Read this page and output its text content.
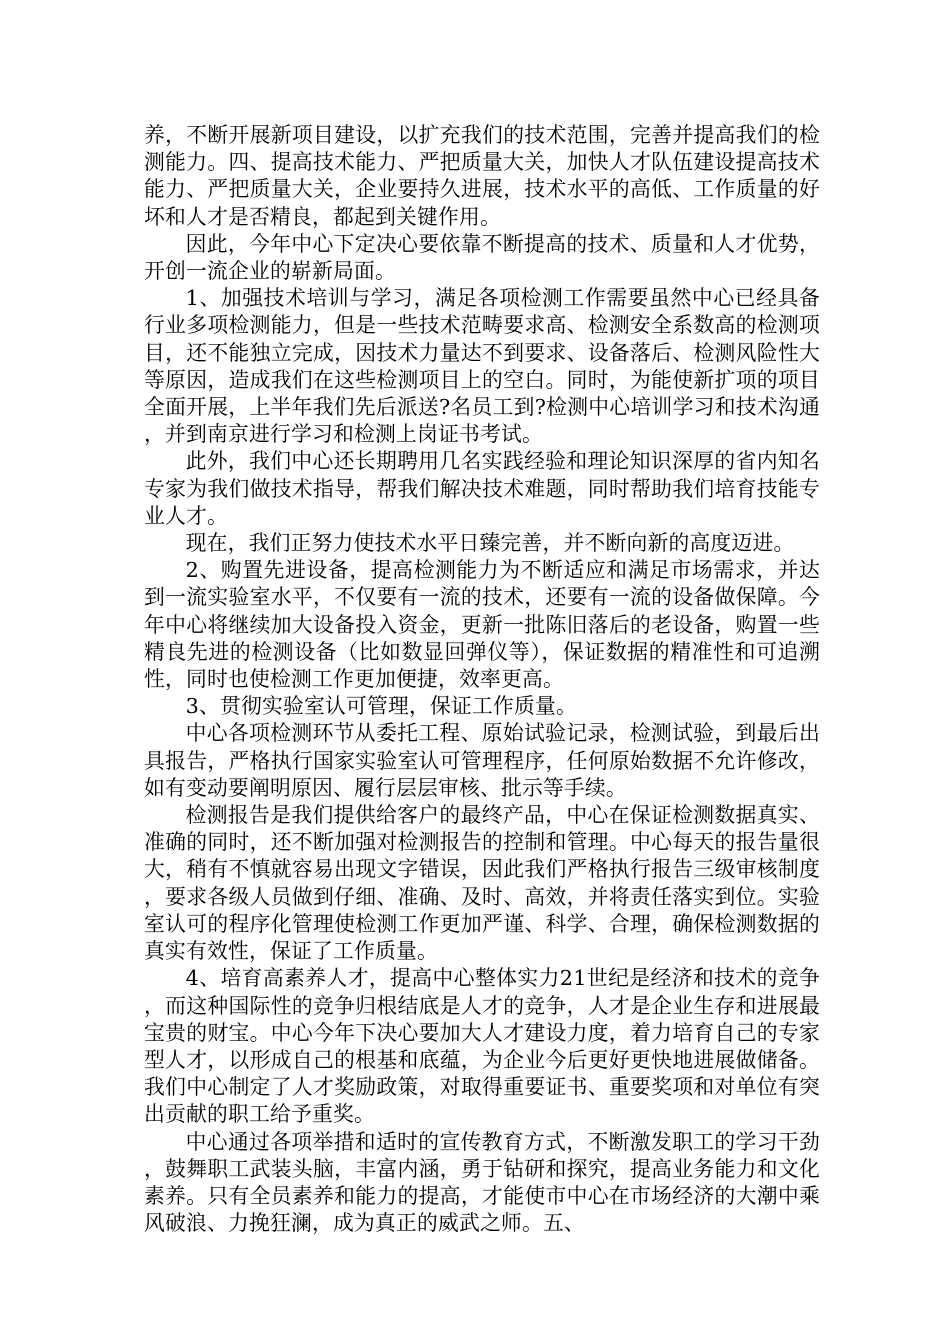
养，不断开展新项目建设，以扩充我们的技术范围，完善并提高我们的检测能力。四、提高技术能力、严把质量大关，加快人才队伍建设提高技术能力、严把质量大关，企业要持久进展，技术水平的高低、工作质量的好坏和人才是否精良，都起到关键作用。

因此，今年中心下定决心要依靠不断提高的技术、质量和人才优势，开创一流企业的崭新局面。

1、加强技术培训与学习，满足各项检测工作需要虽然中心已经具备行业多项检测能力，但是一些技术范畴要求高、检测安全系数高的检测项目，还不能独立完成，因技术力量达不到要求、设备落后、检测风险性大等原因，造成我们在这些检测项目上的空白。同时，为能使新扩项的项目全面开展，上半年我们先后派送?名员工到?检测中心培训学习和技术沟通，并到南京进行学习和检测上岗证书考试。

此外，我们中心还长期聘用几名实践经验和理论知识深厚的省内知名专家为我们做技术指导，帮我们解决技术难题，同时帮助我们培育技能专业人才。

现在，我们正努力使技术水平日臻完善，并不断向新的高度迈进。

2、购置先进设备，提高检测能力为不断适应和满足市场需求，并达到一流实验室水平，不仅要有一流的技术，还要有一流的设备做保障。今年中心将继续加大设备投入资金，更新一批陈旧落后的老设备，购置一些精良先进的检测设备（比如数显回弹仪等），保证数据的精准性和可追溯性，同时也使检测工作更加便捷，效率更高。

3、贯彻实验室认可管理，保证工作质量。

中心各项检测环节从委托工程、原始试验记录，检测试验，到最后出具报告，严格执行国家实验室认可管理程序，任何原始数据不允许修改，如有变动要阐明原因、履行层层审核、批示等手续。

检测报告是我们提供给客户的最终产品，中心在保证检测数据真实、准确的同时，还不断加强对检测报告的控制和管理。中心每天的报告量很大，稍有不慎就容易出现文字错误，因此我们严格执行报告三级审核制度，要求各级人员做到仔细、准确、及时、高效，并将责任落实到位。实验室认可的程序化管理使检测工作更加严谨、科学、合理，确保检测数据的真实有效性，保证了工作质量。

4、培育高素养人才，提高中心整体实力21世纪是经济和技术的竞争，而这种国际性的竞争归根结底是人才的竞争，人才是企业生存和进展最宝贵的财宝。中心今年下决心要加大人才建设力度，着力培育自己的专家型人才，以形成自己的根基和底蕴，为企业今后更好更快地进展做储备。我们中心制定了人才奖励政策，对取得重要证书、重要奖项和对单位有突出贡献的职工给予重奖。

中心通过各项举措和适时的宣传教育方式，不断激发职工的学习干劲，鼓舞职工武装头脑，丰富内涵，勇于钻研和探究，提高业务能力和文化素养。只有全员素养和能力的提高，才能使市中心在市场经济的大潮中乘风破浪、力挽狂澜，成为真正的威武之师。五、
